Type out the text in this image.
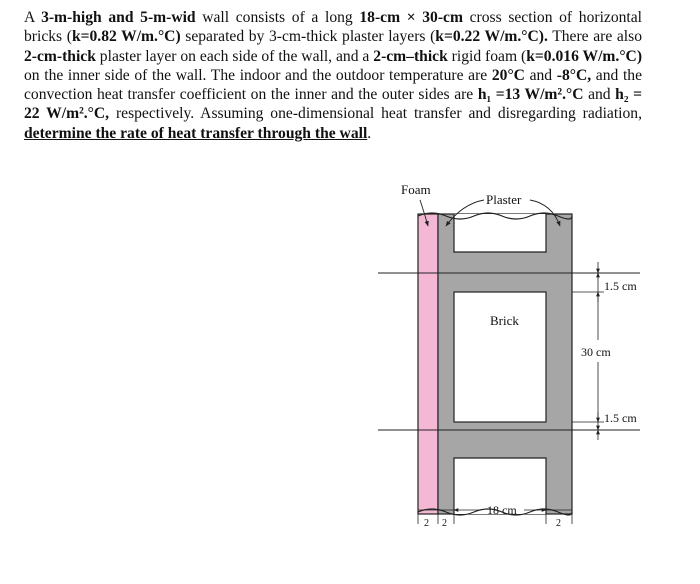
A 3-m-high and 5-m-wid wall consists of a long 18-cm × 30-cm cross section of horizontal bricks (k=0.82 W/m.°C) separated by 3-cm-thick plaster layers (k=0.22 W/m.°C). There are also 2-cm-thick plaster layer on each side of the wall, and a 2-cm–thick rigid foam (k=0.016 W/m.°C) on the inner side of the wall. The indoor and the outdoor temperature are 20°C and -8°C, and the convection heat transfer coefficient on the inner and the outer sides are h₁ =13 W/m².°C and h₂ = 22 W/m².°C, respectively. Assuming one-dimensional heat transfer and disregarding radiation, determine the rate of heat transfer through the wall.

1.5 cm
30 cm
1.5 cm
18 cm
2 2	2
Foam
Plaster
Brick
